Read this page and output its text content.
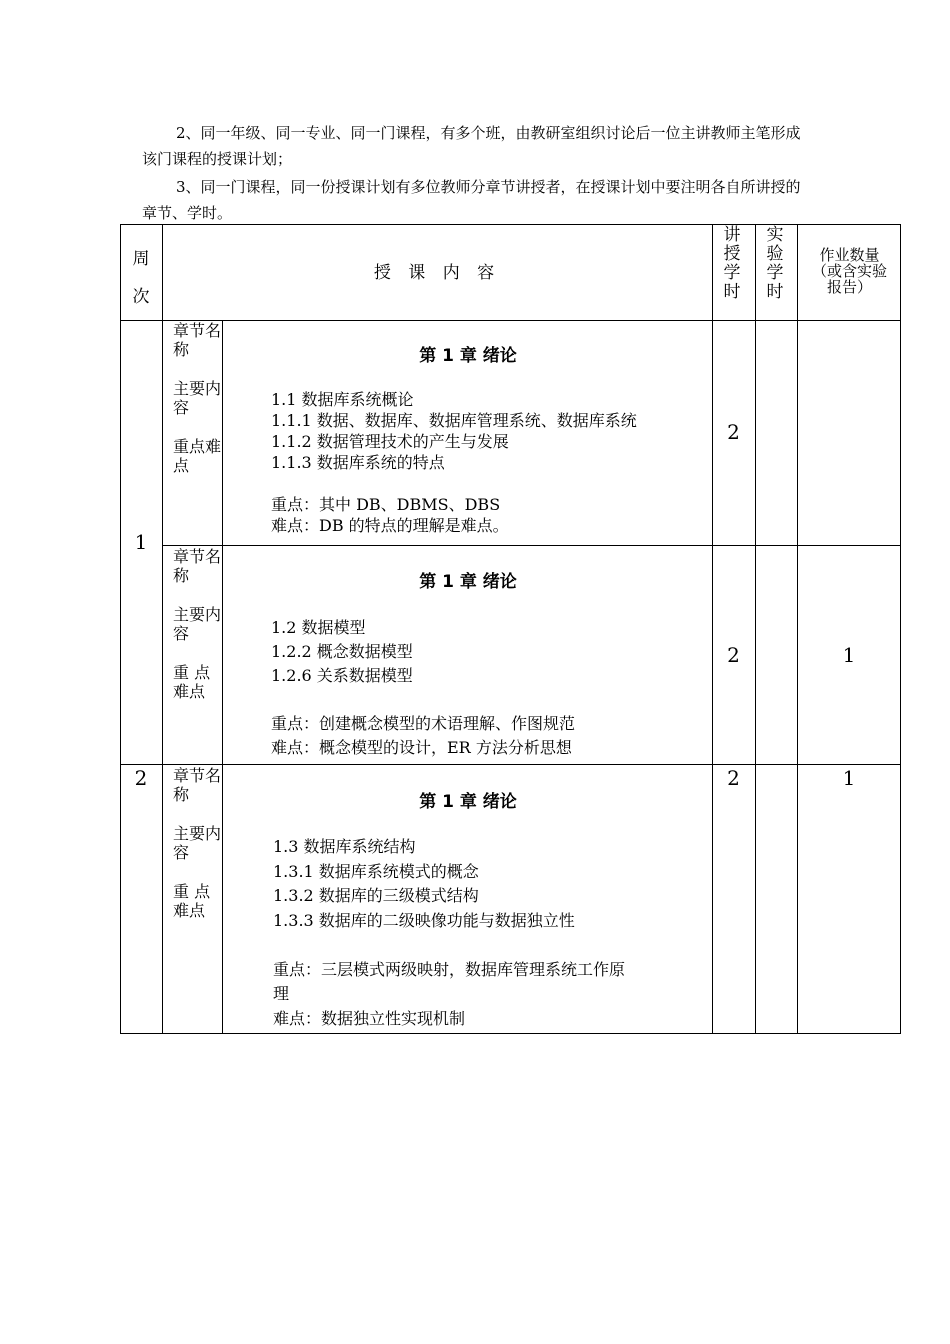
2、同一年级、同一专业、同一门课程，有多个班，由教研室组织讨论后一位主讲教师主笔形成
该门课程的授课计划；
3、同一门课程，同一份授课计划有多位教师分章节讲授者，在授课计划中要注明各自所讲授的
章节、学时。
周次
授 课 内 容
讲授学时
实验学时
作业数量
（或含实验
报告）
1
2
章节名称
主要内容
重点难点
第 1 章 绪论
1.1 数据库系统概论
1.1.1 数据、数据库、数据库管理系统、数据库系统
1.1.2 数据管理技术的产生与发展
1.1.3 数据库系统的特点

重点：其中 DB、DBMS、DBS
难点：DB 的特点的理解是难点。
2
章节名称
主要内容
重 点难点
第 1 章 绪论
1.2 数据模型
1.2.2 概念数据模型
1.2.6 关系数据模型

重点：创建概念模型的术语理解、作图规范
难点：概念模型的设计，ER 方法分析思想
2	1
章节名称
主要内容
重 点难点
第 1 章 绪论
1.3 数据库系统结构
1.3.1 数据库系统模式的概念
1.3.2 数据库的三级模式结构
1.3.3 数据库的二级映像功能与数据独立性

重点：三层模式两级映射，数据库管理系统工作原
理
难点：数据独立性实现机制
2	1
